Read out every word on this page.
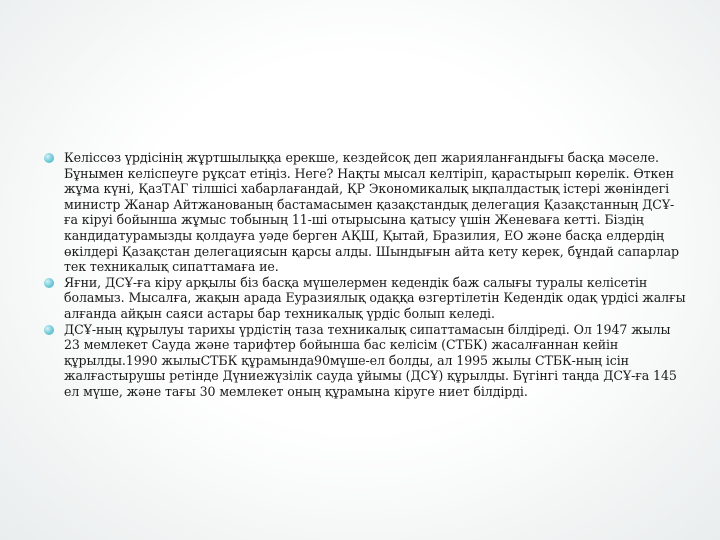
Келіссөз үрдісінің жұртшылыққа ерекше, кездейсоқ деп жарияланғандығы басқа мәселе. Бұнымен келіспеуге рұқсат етіңіз. Неге? Нақты мысал келтіріп, қарастырып көрелік. Өткен жұма күні, ҚазТАГ тілшісі хабарлағандай, ҚР Экономикалық ықпалдастық істері жөніндегі министр Жанар Айтжанованың бастамасымен қазақстандық делегация Қазақстанның ДСҰ-ға кіруі бойынша жұмыс тобының 11-ші отырысына қатысу үшін Женеваға кетті. Біздің кандидатурамызды қолдауға уәде берген АҚШ, Қытай, Бразилия, ЕО және басқа елдердің өкілдері Қазақстан делегациясын қарсы алды. Шындығын айта кету керек, бұндай сапарлар тек техникалық сипаттамаға ие.

Яғни, ДСҰ-ға кіру арқылы біз басқа мүшелермен кедендік баж салығы туралы келісетін боламыз. Мысалға, жақын арада Еуразиялық одаққа өзгертілетін Кедендік одақ үрдісі жалғы алғанда айқын саяси астары бар техникалық үрдіс болып келеді.

ДСҰ-ның құрылуы тарихы үрдістің таза техникалық сипаттамасын білдіреді. Ол 1947 жылы 23 мемлекет Сауда және тарифтер бойынша бас келісім (СТБК) жасалғаннан кейін құрылды.1990 жылыСТБК құрамында90мүше-ел болды, ал 1995 жылы СТБК-ның ісін жалғастырушы ретінде Дүниежүзілік сауда ұйымы (ДСҰ) құрылды. Бүгінгі таңда ДСҰ-ға 145 ел мүше, және тағы 30 мемлекет оның құрамына кіруге ниет білдірді.
